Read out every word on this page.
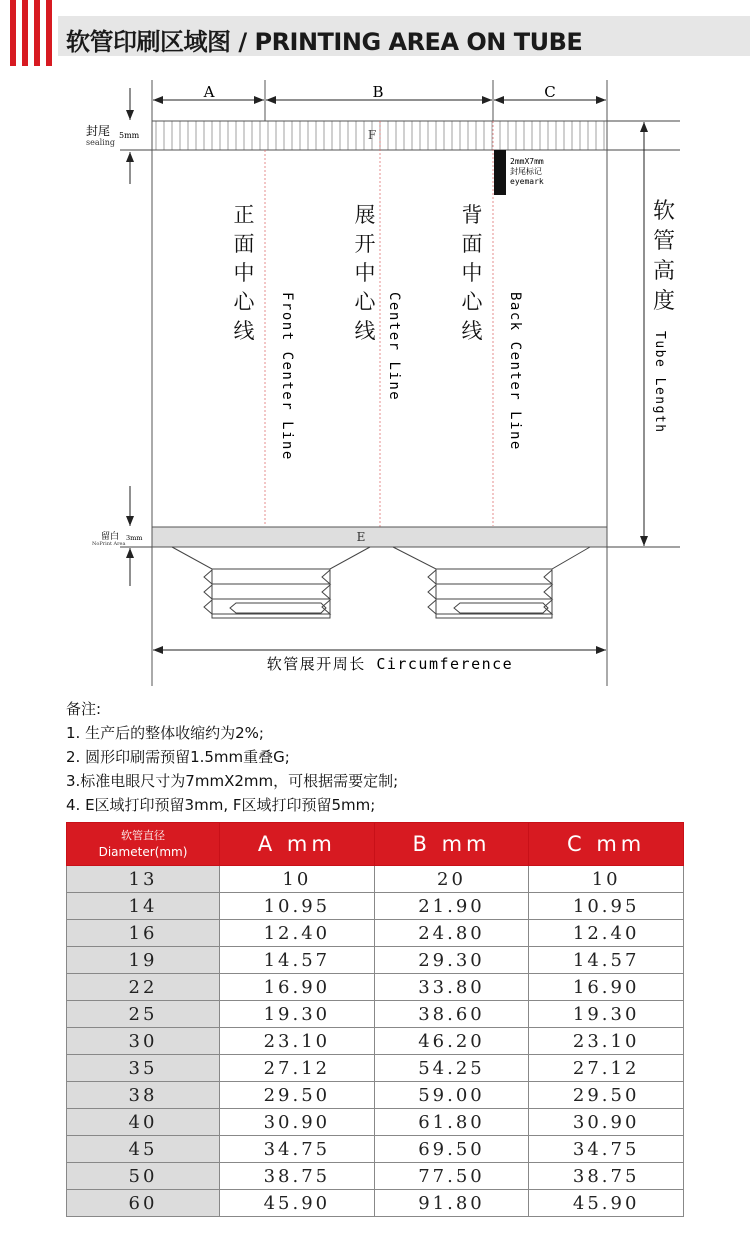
软管印刷区域图 / PRINTING AREA ON TUBE
A	B	C
F
封尾 5mm
sealing
2mmX7mm
封尾标记
eyemark
正面中心线
展开中心线
背面中心线
软管高度
Front Center Line	Center Line	Back Center Line	Tube Length
E
留白 3mm
NoPrint Area
软管展开周长 Circumference
备注:
1. 生产后的整体收缩约为2%;
2. 圆形印刷需预留1.5mm重叠G;
3.标准电眼尺寸为7mmX2mm，可根据需要定制;
4. E区域打印预留3mm, F区域打印预留5mm;
软管直径
Diameter(mm)	A mm	B mm	C mm
13	10	20	10
14	10.95	21.90	10.95
16	12.40	24.80	12.40
19	14.57	29.30	14.57
22	16.90	33.80	16.90
25	19.30	38.60	19.30
30	23.10	46.20	23.10
35	27.12	54.25	27.12
38	29.50	59.00	29.50
40	30.90	61.80	30.90
45	34.75	69.50	34.75
50	38.75	77.50	38.75
60	45.90	91.80	45.90
